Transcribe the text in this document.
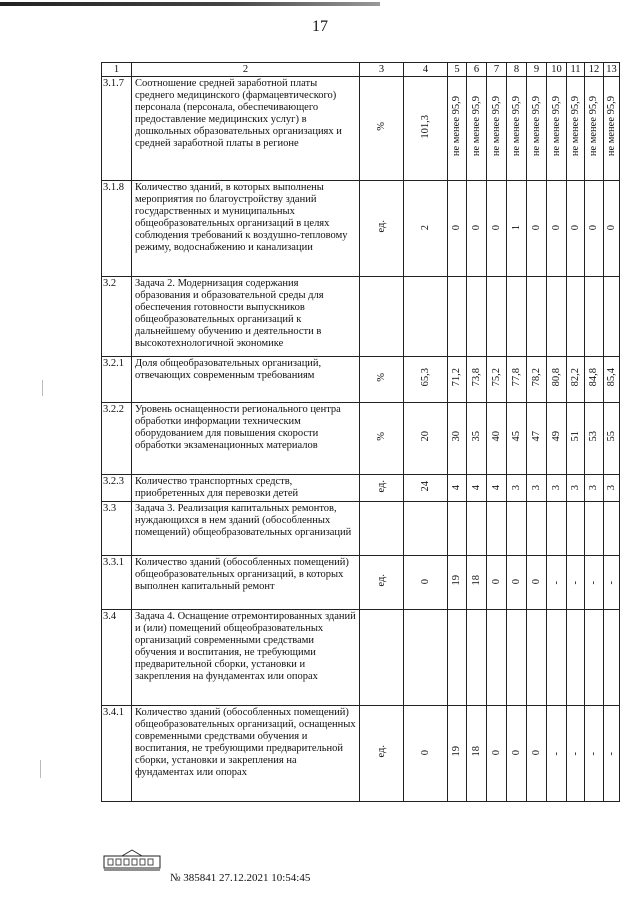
17
1	2	3	4	5	6	7	8	9	10	11	12	13
3.1.7	Соотношение средней заработной платы среднего медицинского (фармацевтического) персонала (персонала, обеспечивающего предоставление медицинских услуг) в дошкольных образовательных организациях и средней заработной платы в регионе	%	101,3	не менее 95,9	не менее 95,9	не менее 95,9	не менее 95,9	не менее 95,9	не менее 95,9	не менее 95,9	не менее 95,9	не менее 95,9
3.1.8	Количество зданий, в которых выполнены мероприятия по благоустройству зданий государственных и муниципальных общеобразовательных организаций в целях соблюдения требований к воздушно-тепловому режиму, водоснабжению и канализации	ед.	2	0	0	0	1	0	0	0	0	0
3.2	Задача 2. Модернизация содержания образования и образовательной среды для обеспечения готовности выпускников общеобразовательных организаций к дальнейшему обучению и деятельности в высокотехнологичной экономике											
3.2.1	Доля общеобразовательных организаций, отвечающих современным требованиям	%	65,3	71,2	73,8	75,2	77,8	78,2	80,8	82,2	84,8	85,4
3.2.2	Уровень оснащенности регионального центра обработки информации техническим оборудованием для повышения скорости обработки экзаменационных материалов	%	20	30	35	40	45	47	49	51	53	55
3.2.3	Количество транспортных средств, приобретенных для перевозки детей	ед.	24	4	4	4	3	3	3	3	3	3
3.3	Задача 3. Реализация капитальных ремонтов, нуждающихся в нем зданий (обособленных помещений) общеобразовательных организаций											
3.3.1	Количество зданий (обособленных помещений) общеобразовательных организаций, в которых выполнен капитальный ремонт	ед.	0	19	18	0	0	0	-	-	-	-
3.4	Задача 4. Оснащение отремонтированных зданий и (или) помещений общеобразовательных организаций современными средствами обучения и воспитания, не требующими предварительной сборки, установки и закрепления на фундаментах или опорах											
3.4.1	Количество зданий (обособленных помещений) общеобразовательных организаций, оснащенных современными средствами обучения и воспитания, не требующими предварительной сборки, установки и закрепления на фундаментах или опорах	ед.	0	19	18	0	0	0	-	-	-	-
№ 385841 27.12.2021 10:54:45
